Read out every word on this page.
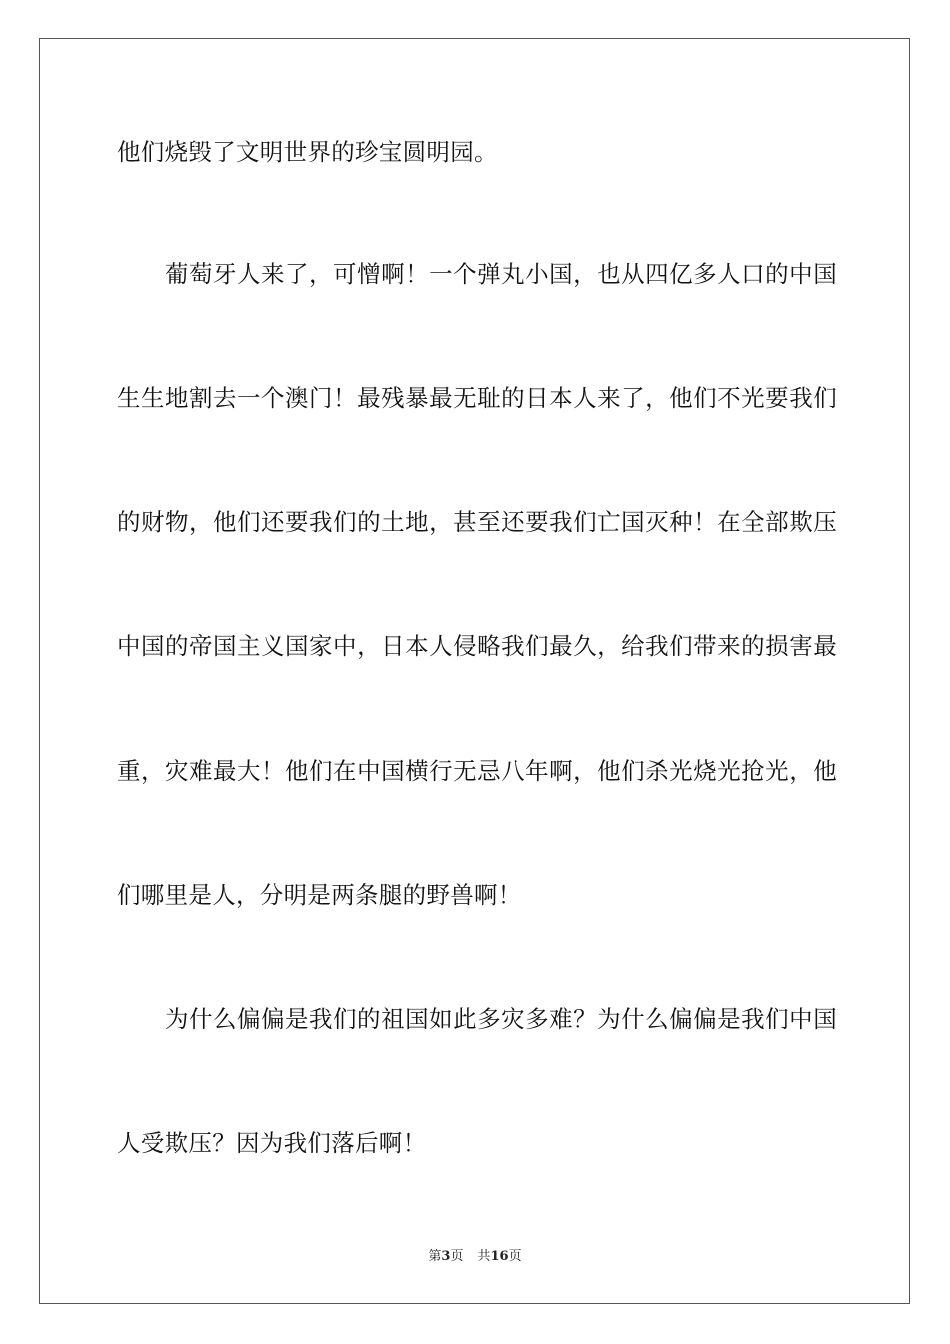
他们烧毁了文明世界的珍宝圆明园。
葡萄牙人来了，可憎啊！一个弹丸小国，也从四亿多人口的中国
生生地割去一个澳门！最残暴最无耻的日本人来了，他们不光要我们
的财物，他们还要我们的土地，甚至还要我们亡国灭种！在全部欺压
中国的帝国主义国家中，日本人侵略我们最久，给我们带来的损害最
重，灾难最大！他们在中国横行无忌八年啊，他们杀光烧光抢光，他
们哪里是人，分明是两条腿的野兽啊！
为什么偏偏是我们的祖国如此多灾多难？为什么偏偏是我们中国
人受欺压？因为我们落后啊！
第3页 共16页
